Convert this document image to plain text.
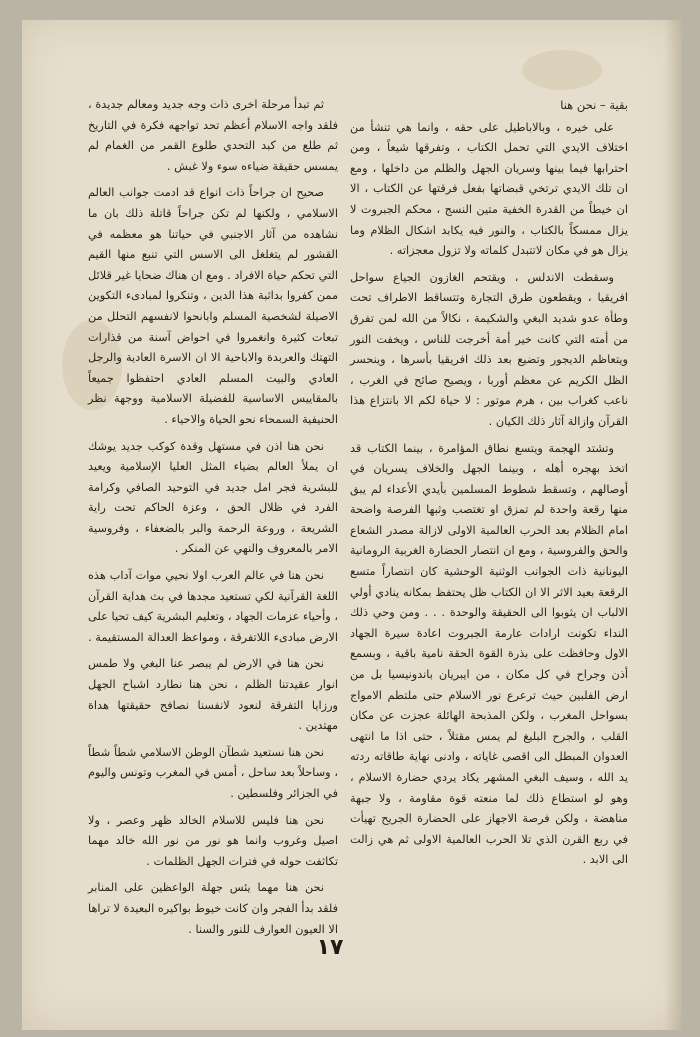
بقية – نحن هنا

على خيره ، وبالاباطيل على حقه ، وانما هي تنشأ من اختلاف الايدي التي تحمل الكتاب ، وتفرقها شيعاً ، ومن احترابها فيما بينها وسريان الجهل والظلم من داخلها ، ومع ان تلك الايدي ترتخي قبضاتها بفعل فرقتها عن الكتاب ، الا ان خيطاً من القدرة الخفية متين النسج ، محكم الجبروت لا يزال ممسكاً بالكتاب ، والنور فيه يكابد اشكال الظلام وما يزال هو في مكان لاتتبدل كلماته ولا تزول معجزاته .

وسقطت الاندلس ، ويقتحم الغازون الجياع سواحل افريقيا ، ويقطعون طرق التجارة وتتساقط الاطراف تحت وطأة عدو شديد البغي والشكيمة ، نكالاً من الله لمن تفرق من أمته التي كانت خير أمة أخرجت للناس ، ويخفت النور ويتعاظم الديجور وتضيع بعد ذلك افريقيا بأسرها ، وينحسر الظل الكريم عن معظم أوربا ، ويصيح صائح في الغرب ، ناعب كغراب بين ، هرم موتور : لا حياة لكم الا بانتزاع هذا القرآن وازالة آثار ذلك الكيان .

وتشتد الهجمة ويتسع نطاق المؤامرة ، بينما الكتاب قد اتخذ بهجره أهله ، وبينما الجهل والخلاف يسريان في أوصالهم ، وتسقط شطوط المسلمين بأيدي الأعداء لم يبق منها رقعة واحدة لم تمزق او تغتصب وثبها الفرصة واضحة امام الظلام بعد الحرب العالمية الاولى لازالة مصدر الشعاع والحق والفروسية ، ومع ان انتصار الحضارة الغربية الرومانية اليونانية ذات الجوانب الوثنية الوحشية كان انتصاراً متسع الرقعة بعيد الاثر الا ان الكتاب ظل يحتفظ بمكانه ينادي أولي الالباب ان يثوبوا الى الحقيقة والوحدة . . . ومن وحي ذلك النداء تكونت ارادات عارمة الجبروت اعادة سيرة الجهاد الاول وحافظت على بذرة القوة الحقة نامية باقية ، وبسمع أذن وجراح في كل مكان ، من ايبريان باندونيسيا بل من ارض الفلبين حيث ترعرع نور الاسلام حتى ملتطم الامواج بسواحل المغرب ، ولكن المذبحة الهائلة عجزت عن مكان القلب ، والجرح البليغ لم يمس مقتلاً ، حتى اذا ما انتهى العدوان المبطل الى اقصى غاياته ، وادنى نهاية طاقاته ردته يد الله ، وسيف البغي المشهر يكاد يردي حضارة الاسلام ، وهو لو استطاع ذلك لما منعته قوة مقاومة ، ولا جبهة مناهضة ، ولكن فرصة الاجهاز على الحضارة الجريح تهيأت في ربع القرن الذي تلا الحرب العالمية الاولى ثم هي زالت الى الابد .

ثم تبدأ مرحلة اخرى ذات وجه جديد ومعالم جديدة ، فلقد واجه الاسلام أعظم تحد تواجهه فكرة في التاريخ ثم طلع من كبد التحدي طلوع القمر من الغمام لم يمسس حقيقة ضياءه سوء ولا غبش .

صحيح ان جراحاً ذات انواع قد ادمت جوانب العالم الاسلامي ، ولكنها لم تكن جراحاً قاتلة ذلك بان ما نشاهده من آثار الاجنبي في حياتنا هو معظمه في القشور لم يتغلغل الى الاسس التي تنبع منها القيم التي تحكم حياة الافراد . ومع ان هناك ضحايا غير قلائل ممن كفروا بداثبة هذا الدين ، وتنكروا لمبادىء التكوين الاصيلة لشخصية المسلم وابانحوا لانفسهم التحلل من تبعات كثيرة وانغمروا في احواض آسنة من قذارات التهتك والعربدة والاباحية الا ان الاسرة العادية والرجل العادي والبيت المسلم العادي احتفظوا جميعاً بالمقاييس الاساسية للفضيلة الاسلامية ووجهة نظر الحنيفية السمحاء نحو الحياة والاحياء .

نحن هنا اذن في مستهل وقدة كوكب جديد يوشك ان يملأ العالم بضياء المثل العليا الإسلامية ويعيد للبشرية فجر امل جديد في التوحيد الصافي وكرامة الفرد في ظلال الحق ، وعزة الحاكم تحت راية الشريعة ، وروعة الرحمة والبر بالضعفاء ، وفروسية الامر بالمعروف والنهي عن المنكر .

نحن هنا في عالم العرب اولا نحيي موات آداب هذه اللغة القرآنية لكي تستعيد مجدها في بث هداية القرآن ، وأحياء عزمات الجهاد ، وتعليم البشرية كيف تحيا على الارض مبادىء اللاتفرقة ، ومواعظ العدالة المستقيمة .

نحن هنا في الارض لم يبصر عنا البغي ولا طمس انوار عقيدتنا الظلم ، نحن هنا نطارد اشباح الجهل ورزايا التفرقة لنعود لانفسنا نصافح حقيقتها هداة مهتدين .

نحن هنا نستعيد شطآن الوطن الاسلامي شطاً شطاً ، وساحلاً بعد ساحل ، أمس في المغرب وتونس واليوم في الجزائر وفلسطين .

نحن هنا فليس للاسلام الخالد ظهر وعصر ، ولا اصيل وغروب وانما هو نور من نور الله خالد مهما تكاثفت حوله في فترات الجهل الظلمات .

نحن هنا مهما يئس جهلة الواعظين على المنابر فلقد بدأ الفجر وان كانت خيوط بواكيره البعيدة لا تراها الا العيون العوارف للنور والسنا .

١٧
